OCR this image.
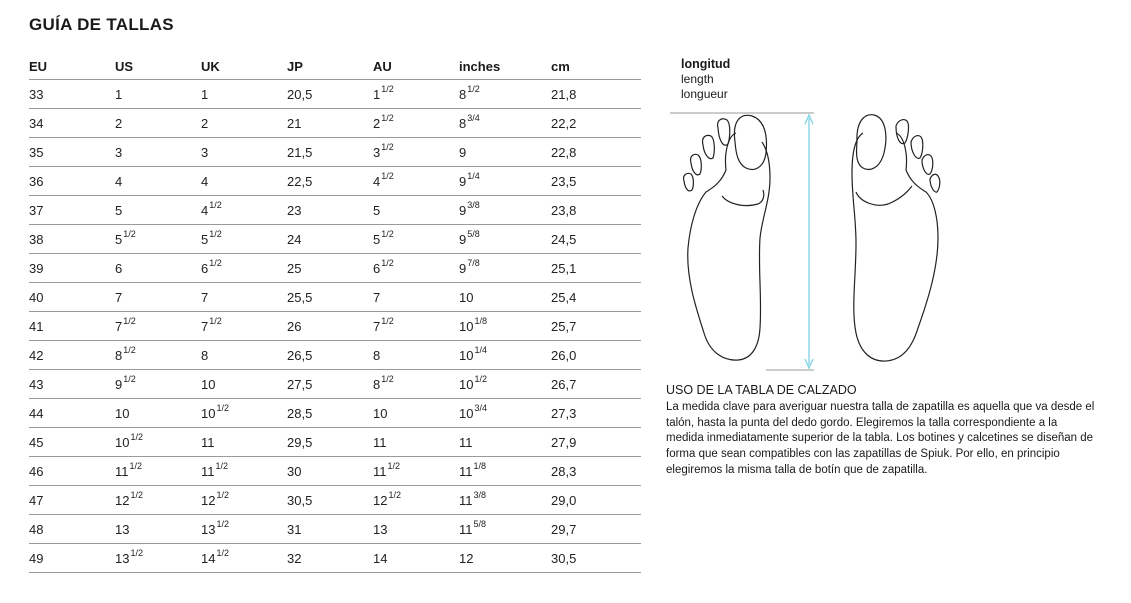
GUÍA DE TALLAS
EU	US	UK	JP	AU	inches	cm
33	1	1	20,5	$1^{1/2}$	$8^{1/2}$	21,8
34	2	2	21	$2^{1/2}$	$8^{3/4}$	22,2
35	3	3	21,5	$3^{1/2}$	9	22,8
36	4	4	22,5	$4^{1/2}$	$9^{1/4}$	23,5
37	5	$4^{1/2}$	23	5	$9^{3/8}$	23,8
38	$5^{1/2}$	$5^{1/2}$	24	$5^{1/2}$	$9^{5/8}$	24,5
39	6	$6^{1/2}$	25	$6^{1/2}$	$9^{7/8}$	25,1
40	7	7	25,5	7	10	25,4
41	$7^{1/2}$	$7^{1/2}$	26	$7^{1/2}$	$10^{1/8}$	25,7
42	$8^{1/2}$	8	26,5	8	$10^{1/4}$	26,0
43	$9^{1/2}$	10	27,5	$8^{1/2}$	$10^{1/2}$	26,7
44	10	$10^{1/2}$	28,5	10	$10^{3/4}$	27,3
45	$10^{1/2}$	11	29,5	11	11	27,9
46	$11^{1/2}$	$11^{1/2}$	30	$11^{1/2}$	$11^{1/8}$	28,3
47	$12^{1/2}$	$12^{1/2}$	30,5	$12^{1/2}$	$11^{3/8}$	29,0
48	13	$13^{1/2}$	31	13	$11^{5/8}$	29,7
49	$13^{1/2}$	$14^{1/2}$	32	14	12	30,5
longitud
length
longueur

USO DE LA TABLA DE CALZADO

La medida clave para averiguar nuestra talla de zapatilla es aquella que va desde el talón, hasta la punta del dedo gordo. Elegiremos la talla correspondiente a la medida inmediatamente superior de la tabla. Los botines y calcetines se diseñan de forma que sean compatibles con las zapatillas de Spiuk. Por ello, en principio elegiremos la misma talla de botín que de zapatilla.
